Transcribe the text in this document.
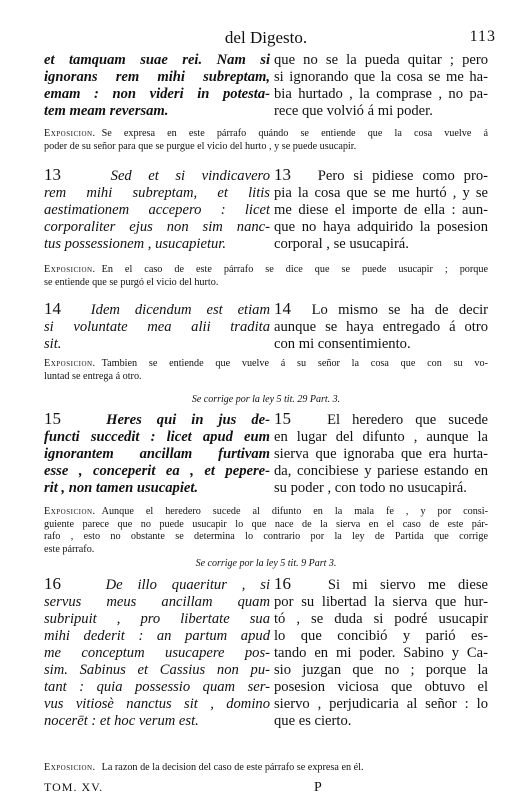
del Digesto.	113
et tamquam suae rei. Nam si
ignorans rem mihi subreptam,
emam : non videri in potesta-
tem meam reversam.
que no se la pueda quitar ; pero
si ignorando que la cosa se me ha-
bia hurtado , la comprase , no pa-
rece que volvió á mi poder.
Exposicion. Se expresa en este párrafo quándo se entiende que la cosa vuelve á
poder de su señor para que se purgue el vicio del hurto , y se puede usucapir.
13	Sed et si vindicavero
rem mihi subreptam, et litis
aestimationem accepero : licet
corporaliter ejus non sim nanc-
tus possessionem , usucapietur.
13 Pero si pidiese como pro-
pia la cosa que se me hurtó , y se
me diese el importe de ella : aun-
que no haya adquirido la posesion
corporal , se usucapirá.
Exposicion. En el caso de este párrafo se dice que se puede usucapir ; porque
se entiende que se purgó el vicio del hurto.
14 Idem dicendum est etiam
si voluntate mea alii tradita
sit.
14 Lo mismo se ha de decir
aunque se haya entregado á otro
con mi consentimiento.
Exposicion. Tambien se entiende que vuelve á su señor la cosa que con su vo-
luntad se entrega á otro.
Se corrige por la ley 5 tit. 29 Part. 3.
15	Heres qui in jus de-
functi succedit : licet apud eum
ignorantem ancillam furtivam
esse , conceperit ea , et pepere-
rit , non tamen usucapiet.
15 El heredero que sucede
en lugar del difunto , aunque la
sierva que ignoraba que era hurta-
da, concibiese y pariese estando en
su poder , con todo no usucapirá.
Exposicion. Aunque el heredero sucede al difunto en la mala fe , y por consi-
guiente parece que no puede usucapir lo que nace de la sierva en el caso de este pár-
rafo , esto no obstante se determina lo contrario por la ley de Partida que corrige
este párrafo.
Se corrige por la ley 5 tit. 9 Part 3.
16	De illo quaeritur , si
servus meus ancillam quam
subripuit , pro libertate sua
mihi dederit : an partum apud
me conceptum usucapere pos-
sim. Sabinus et Cassius non pu-
tant : quia possessio quam ser-
vus vitiosè nanctus sit , domino
nocerēt : et hoc verum est.
16	Si mi siervo me diese
por su libertad la sierva que hur-
tó , se duda si podré usucapir
lo que concibió y parió es-
tando en mi poder. Sabino y Ca-
sio juzgan que no ; porque la
posesion viciosa que obtuvo el
siervo , perjudicaria al señor : lo
que es cierto.
Exposicion. La razon de la decision del caso de este párrafo se expresa en él.
TOM. XV.	P
